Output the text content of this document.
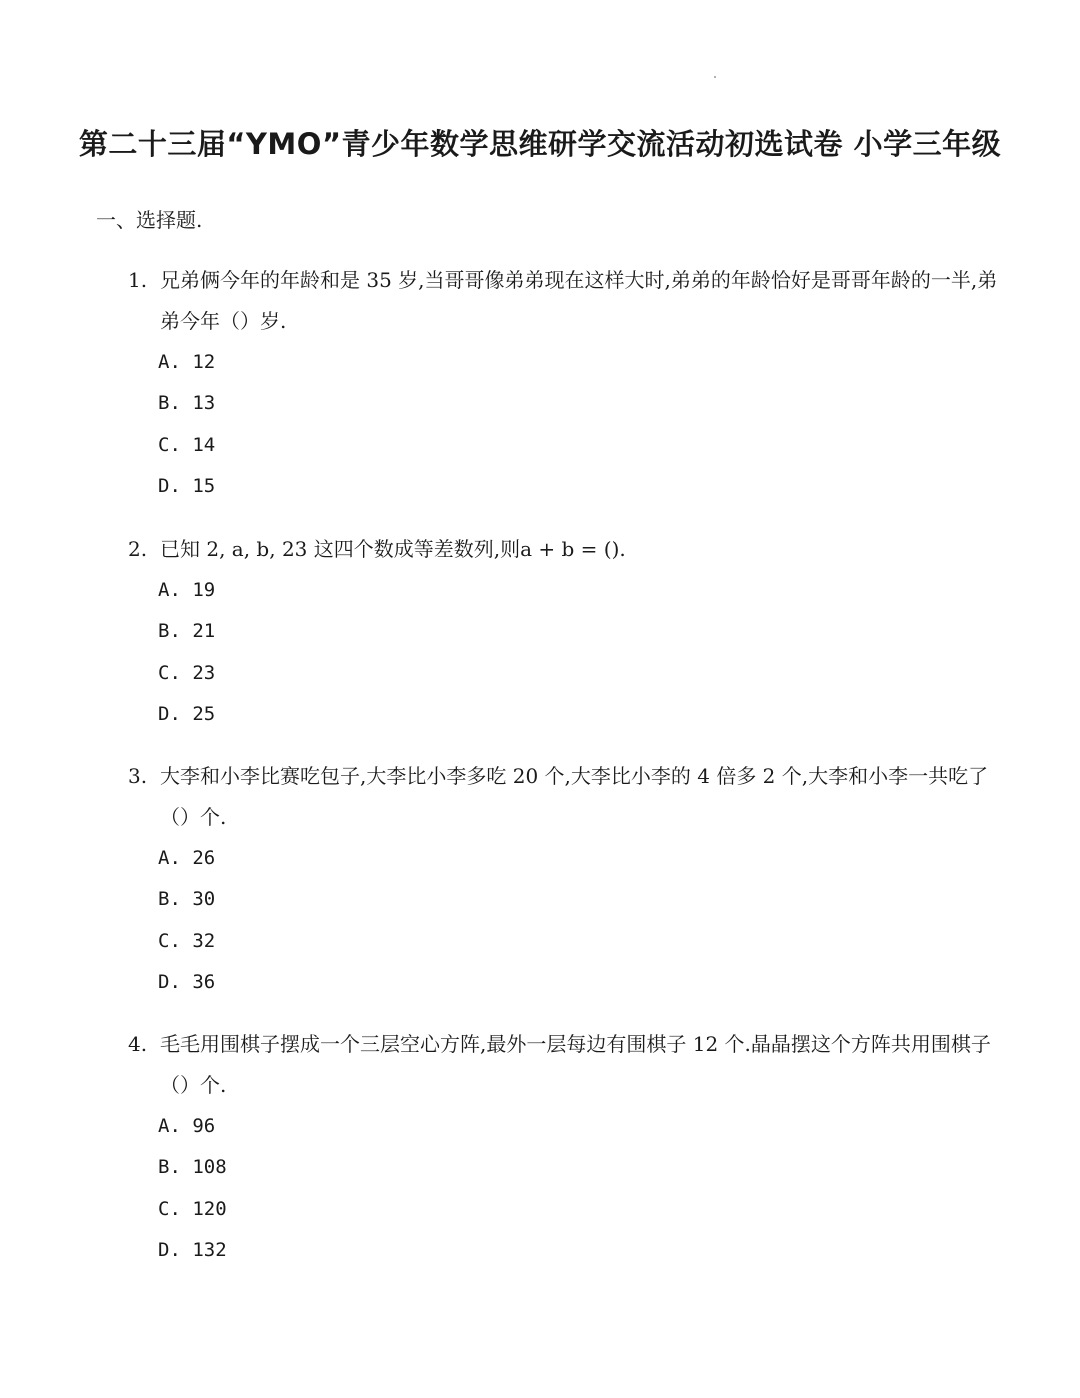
第二十三届“YMO”青少年数学思维研学交流活动初选试卷 小学三年级
一、选择题.
1. 兄弟俩今年的年龄和是 35 岁,当哥哥像弟弟现在这样大时,弟弟的年龄恰好是哥哥年龄的一半,弟弟今年（）岁.
A. 12
B. 13
C. 14
D. 15
2. 已知 2, a, b, 23 这四个数成等差数列,则a + b = ().
A. 19
B. 21
C. 23
D. 25
3. 大李和小李比赛吃包子,大李比小李多吃 20 个,大李比小李的 4 倍多 2 个,大李和小李一共吃了（）个.
A. 26
B. 30
C. 32
D. 36
4. 毛毛用围棋子摆成一个三层空心方阵,最外一层每边有围棋子 12 个.晶晶摆这个方阵共用围棋子（）个.
A. 96
B. 108
C. 120
D. 132
